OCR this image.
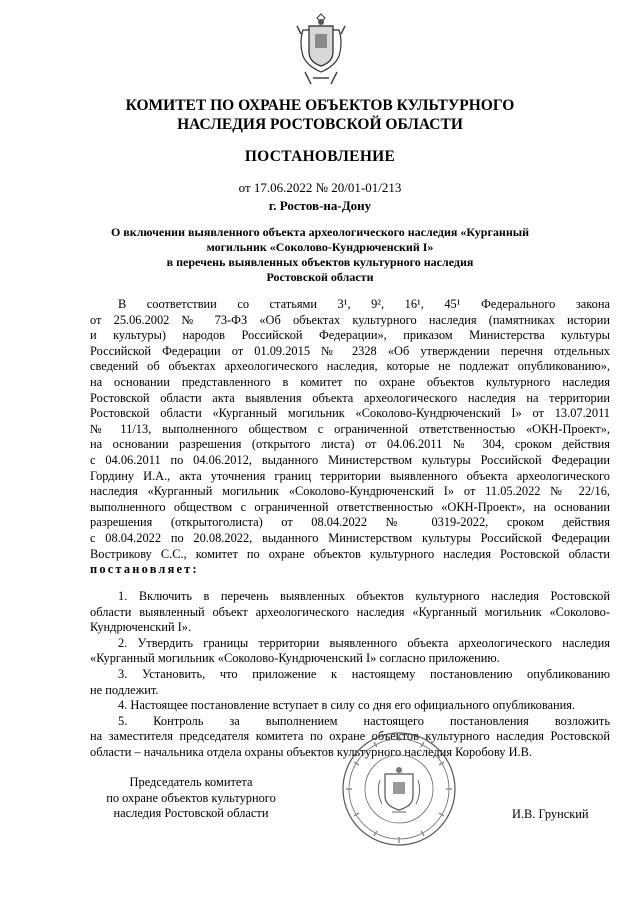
КОМИТЕТ ПО ОХРАНЕ ОБЪЕКТОВ КУЛЬТУРНОГО
НАСЛЕДИЯ РОСТОВСКОЙ ОБЛАСТИ
ПОСТАНОВЛЕНИЕ
от 17.06.2022 № 20/01-01/213
г. Ростов-на-Дону
О включении выявленного объекта археологического наследия «Курганный
могильник «Соколово-Кундрюченский I»
в перечень выявленных объектов культурного наследия
Ростовской области
В соответствии со статьями 3¹, 9², 16¹, 45¹ Федерального закона
от 25.06.2002 № 73-ФЗ «Об объектах культурного наследия (памятниках истории
и культуры) народов Российской Федерации», приказом Министерства культуры
Российской Федерации от 01.09.2015 № 2328 «Об утверждении перечня отдельных
сведений об объектах археологического наследия, которые не подлежат опубликованию»,
на основании представленного в комитет по охране объектов культурного наследия
Ростовской области акта выявления объекта археологического наследия на территории
Ростовской области «Курганный могильник «Соколово-Кундрюченский I» от 13.07.2011
№ 11/13, выполненного обществом с ограниченной ответственностью «ОКН-Проект»,
на основании разрешения (открытого листа) от 04.06.2011 № 304, сроком действия
с 04.06.2011 по 04.06.2012, выданного Министерством культуры Российской Федерации
Гордину И.А., акта уточнения границ территории выявленного объекта археологического
наследия «Курганный могильник «Соколово-Кундрюченский I» от 11.05.2022 № 22/16,
выполненного обществом с ограниченной ответственностью «ОКН-Проект», на основании
разрешения (открытоголиста) от 08.04.2022 № 0319-2022, сроком действия
с 08.04.2022 по 20.08.2022, выданного Министерством культуры Российской Федерации
Вострикову С.С., комитет по охране объектов культурного наследия Ростовской области
постановляет:
1. Включить в перечень выявленных объектов культурного наследия Ростовской
области выявленный объект археологического наследия «Курганный могильник «Соколово-
Кундрюченский I».
2. Утвердить границы территории выявленного объекта археологического наследия
«Курганный могильник «Соколово-Кундрюченский I» согласно приложению.
3. Установить, что приложение к настоящему постановлению опубликованию
не подлежит.
4. Настоящее постановление вступает в силу со дня его официального опубликования.
5. Контроль за выполнением настоящего постановления возложить
на заместителя председателя комитета по охране объектов культурного наследия Ростовской
области – начальника отдела охраны объектов культурного наследия Коробову И.В.
Председатель комитета
по охране объектов культурного
наследия Ростовской области	И.В. Грунский
